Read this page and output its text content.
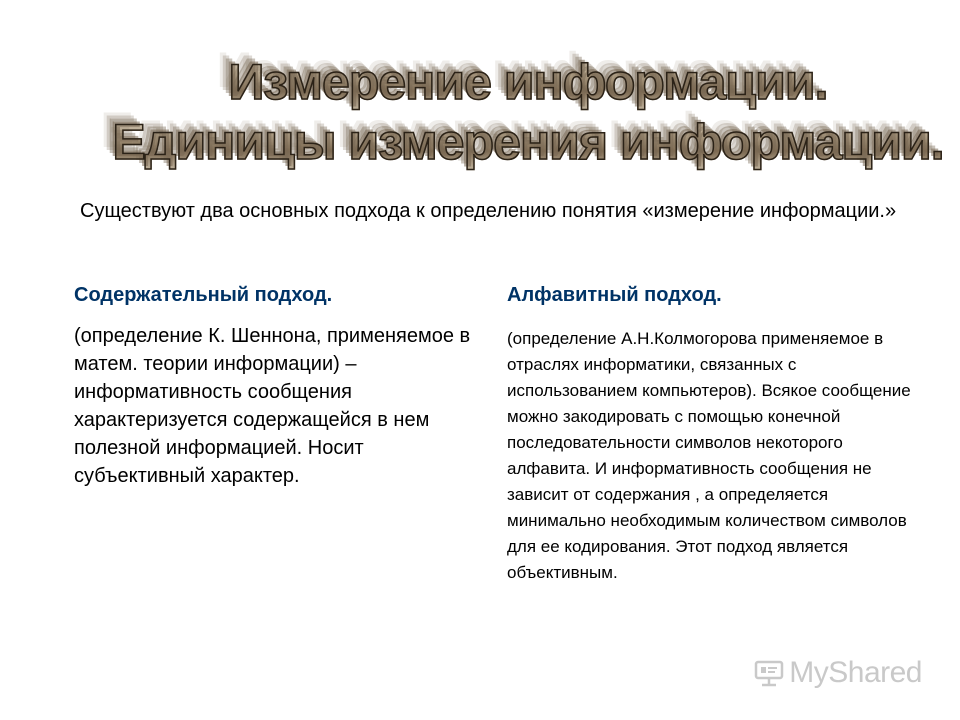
Измерение информации.
Единицы измерения информации.
Существуют два основных подхода к определению понятия «измерение информации.»
Содержательный подход.
(определение К. Шеннона, применяемое в матем. теории информации) – информативность сообщения характеризуется содержащейся в нем полезной информацией. Носит субъективный характер.
Алфавитный подход.
(определение А.Н.Колмогорова применяемое в отраслях информатики, связанных с использованием компьютеров). Всякое сообщение можно закодировать с помощью конечной последовательности символов некоторого алфавита. И информативность сообщения не зависит от содержания , а определяется минимально необходимым количеством символов для ее кодирования. Этот подход является объективным.
MyShared
